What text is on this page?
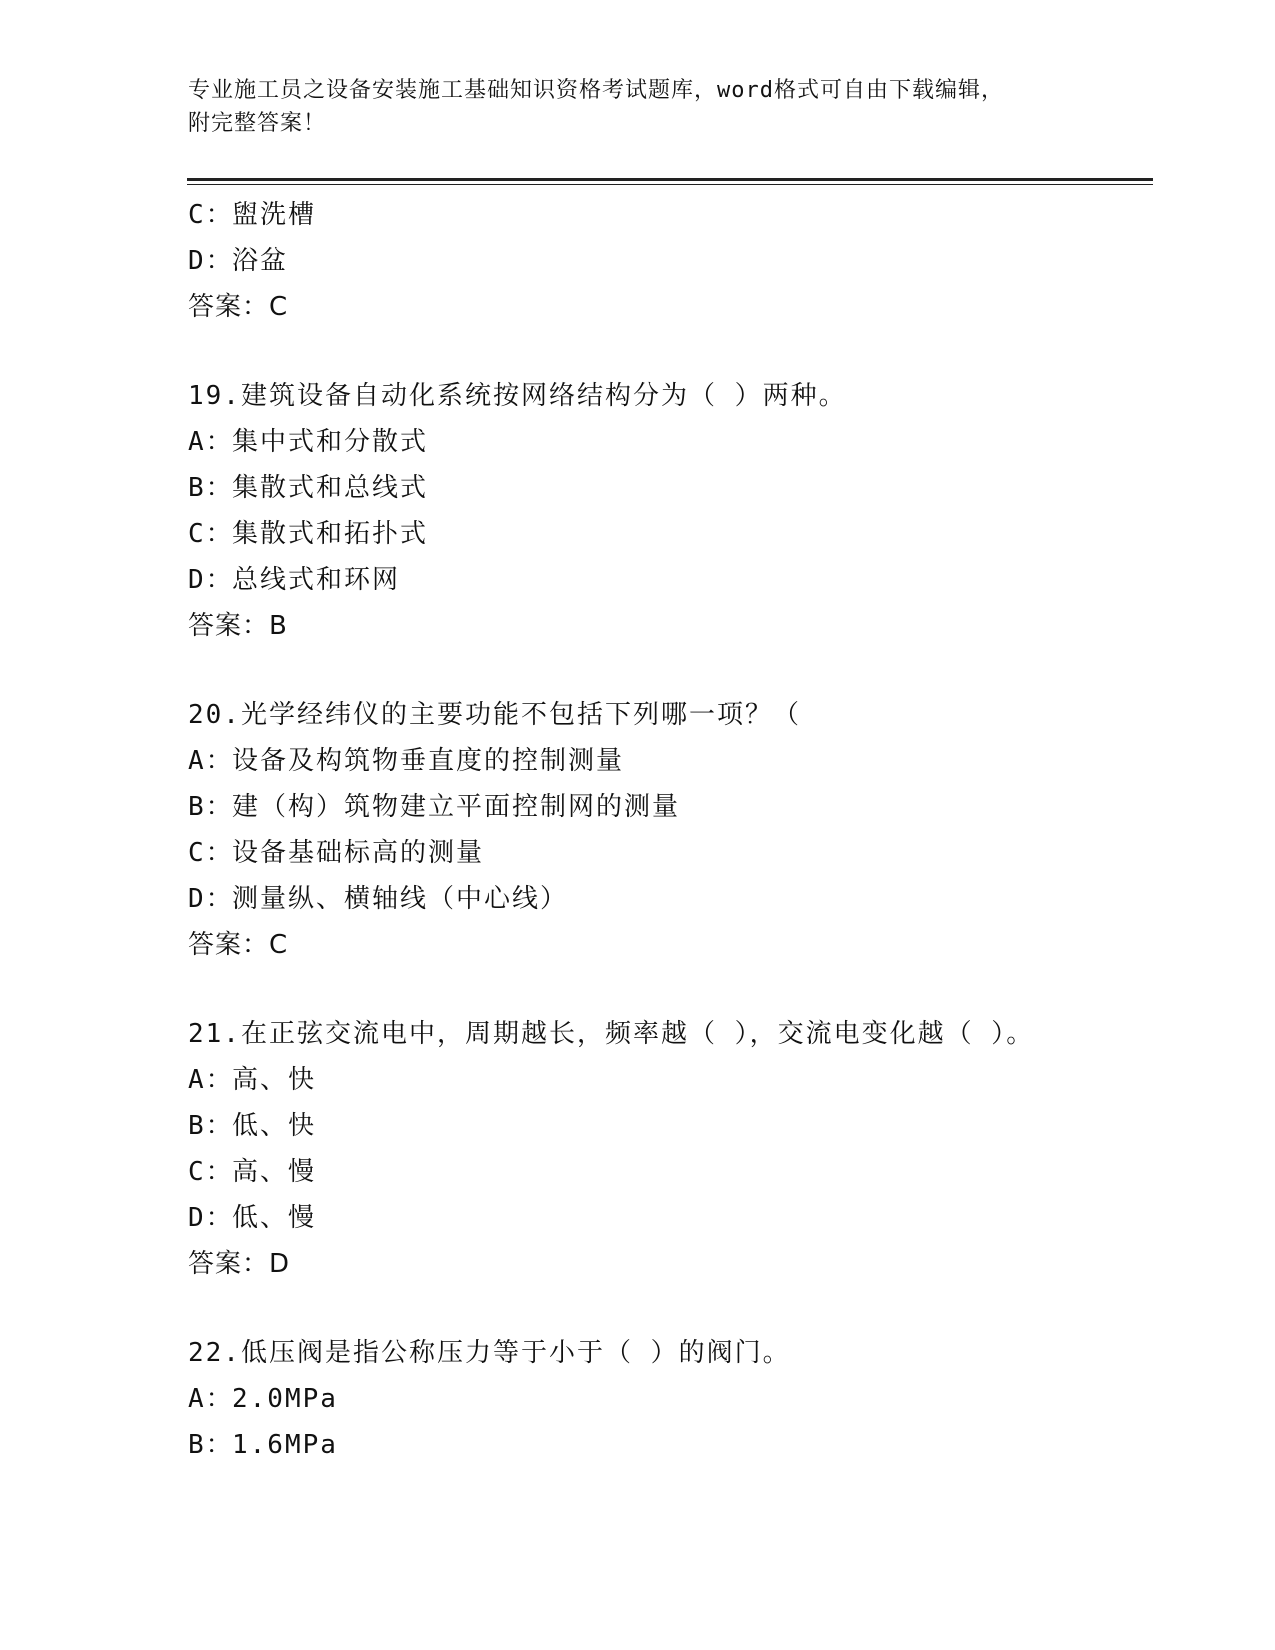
专业施工员之设备安装施工基础知识资格考试题库，word格式可自由下载编辑，
附完整答案！
C：盥洗槽
D：浴盆
答案：C
19.建筑设备自动化系统按网络结构分为（ ）两种。
A：集中式和分散式
B：集散式和总线式
C：集散式和拓扑式
D：总线式和环网
答案：B
20.光学经纬仪的主要功能不包括下列哪一项？（
A：设备及构筑物垂直度的控制测量
B：建（构）筑物建立平面控制网的测量
C：设备基础标高的测量
D：测量纵、横轴线（中心线）
答案：C
21.在正弦交流电中，周期越长，频率越（ ），交流电变化越（ ）。
A：高、快
B：低、快
C：高、慢
D：低、慢
答案：D
22.低压阀是指公称压力等于小于（ ）的阀门。
A：2.0MPa
B：1.6MPa
